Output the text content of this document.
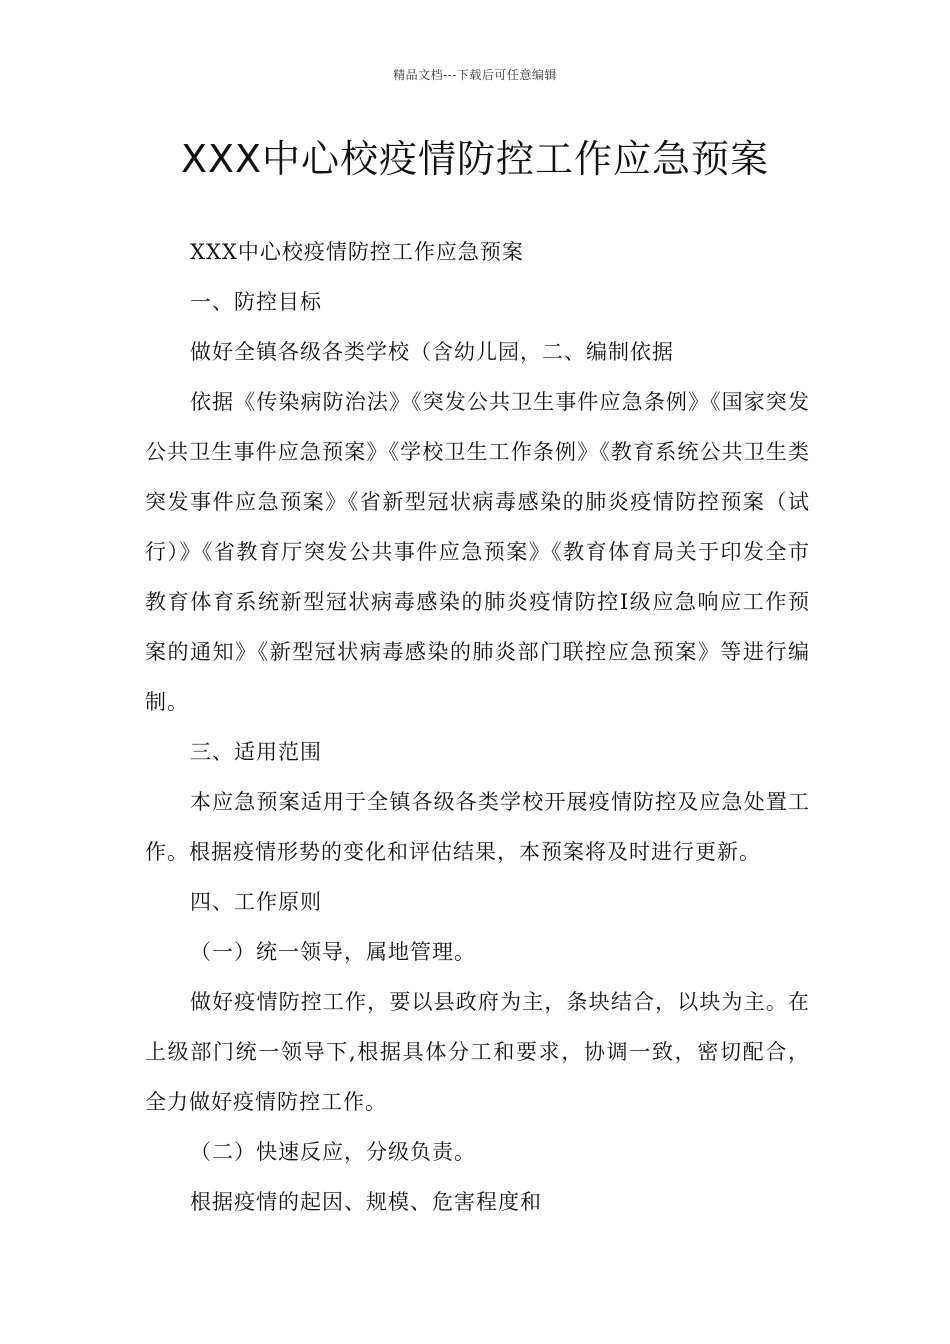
精品文档---下载后可任意编辑
XXX中心校疫情防控工作应急预案

XXX中心校疫情防控工作应急预案

一、防控目标

做好全镇各级各类学校（含幼儿园，二、编制依据

依据《传染病防治法》《突发公共卫生事件应急条例》《国家突发公共卫生事件应急预案》《学校卫生工作条例》《教育系统公共卫生类突发事件应急预案》《省新型冠状病毒感染的肺炎疫情防控预案（试行）》《省教育厅突发公共事件应急预案》《教育体育局关于印发全市教育体育系统新型冠状病毒感染的肺炎疫情防控Ⅰ级应急响应工作预案的通知》《新型冠状病毒感染的肺炎部门联控应急预案》等进行编制。

三、适用范围

本应急预案适用于全镇各级各类学校开展疫情防控及应急处置工作。根据疫情形势的变化和评估结果，本预案将及时进行更新。

四、工作原则

（一）统一领导，属地管理。

做好疫情防控工作，要以县政府为主，条块结合，以块为主。在上级部门统一领导下,根据具体分工和要求，协调一致，密切配合，全力做好疫情防控工作。

（二）快速反应，分级负责。

根据疫情的起因、规模、危害程度和
